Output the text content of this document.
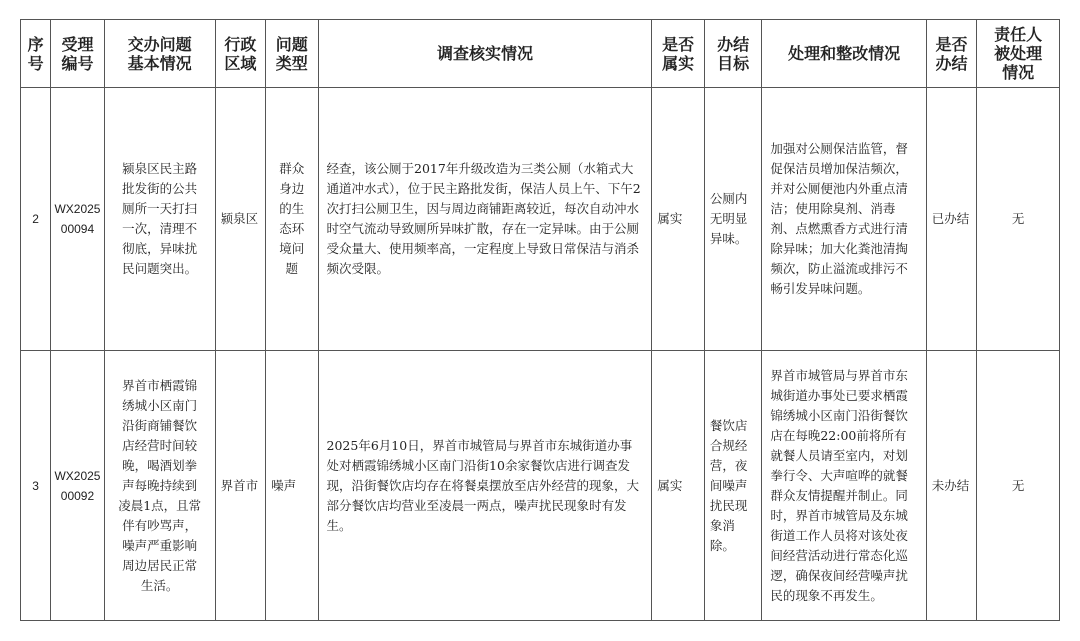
序号	受理编号	交办问题基本情况	行政区域	问题类型	调查核实情况	是否属实	办结目标	处理和整改情况	是否办结	责任人被处理情况
2	WX202500094	颍泉区民主路批发街的公共厕所一天打扫一次，清理不彻底，异味扰民问题突出。	颍泉区	群众身边的生态环境问题	经查，该公厕于2017年升级改造为三类公厕（水箱式大通道冲水式），位于民主路批发街，保洁人员上午、下午2次打扫公厕卫生，因与周边商铺距离较近，每次自动冲水时空气流动导致厕所异味扩散，存在一定异味。由于公厕受众量大、使用频率高，一定程度上导致日常保洁与消杀频次受限。	属实	公厕内无明显异味。	加强对公厕保洁监管，督促保洁员增加保洁频次，并对公厕便池内外重点清洁；使用除臭剂、消毒剂、点燃熏香方式进行清除异味；加大化粪池清掏频次，防止溢流或排污不畅引发异味问题。	已办结	无
3	WX202500092	界首市栖霞锦绣城小区南门沿街商铺餐饮店经营时间较晚，喝酒划拳声每晚持续到凌晨1点，且常伴有吵骂声，噪声严重影响周边居民正常生活。	界首市	噪声	2025年6月10日，界首市城管局与界首市东城街道办事处对栖霞锦绣城小区南门沿街10余家餐饮店进行调查发现，沿街餐饮店均存在将餐桌摆放至店外经营的现象，大部分餐饮店均营业至凌晨一两点，噪声扰民现象时有发生。	属实	餐饮店合规经营，夜间噪声扰民现象消除。	界首市城管局与界首市东城街道办事处已要求栖霞锦绣城小区南门沿街餐饮店在每晚22:00前将所有就餐人员请至室内，对划拳行令、大声喧哗的就餐群众友情提醒并制止。同时，界首市城管局及东城街道工作人员将对该处夜间经营活动进行常态化巡逻，确保夜间经营噪声扰民的现象不再发生。	未办结	无
